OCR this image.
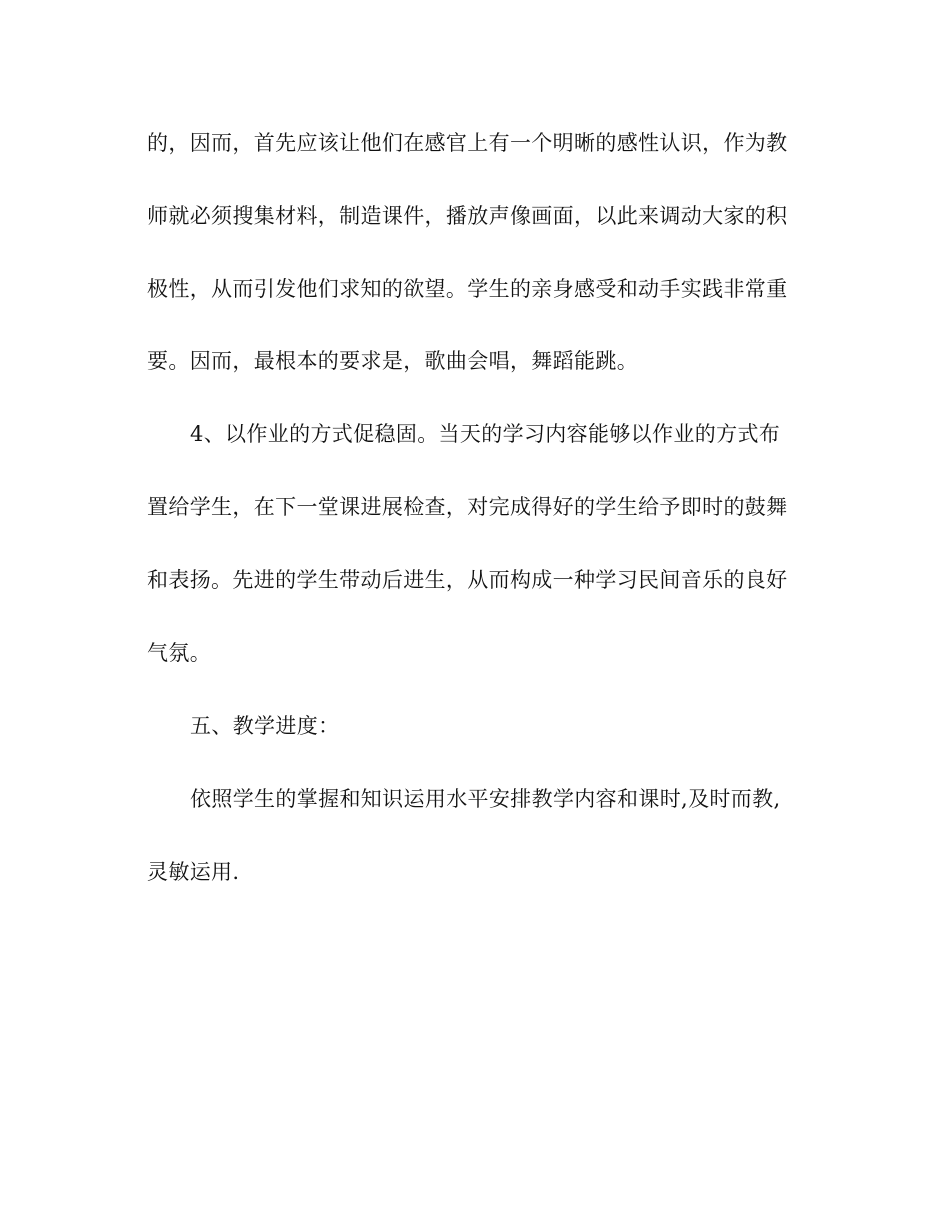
的，因而，首先应该让他们在感官上有一个明晰的感性认识，作为教
师就必须搜集材料，制造课件，播放声像画面，以此来调动大家的积
极性，从而引发他们求知的欲望。学生的亲身感受和动手实践非常重
要。因而，最根本的要求是，歌曲会唱，舞蹈能跳。
4、以作业的方式促稳固。当天的学习内容能够以作业的方式布
置给学生，在下一堂课进展检查，对完成得好的学生给予即时的鼓舞
和表扬。先进的学生带动后进生，从而构成一种学习民间音乐的良好
气氛。
五、教学进度：
依照学生的掌握和知识运用水平安排教学内容和课时,及时而教,
灵敏运用.
